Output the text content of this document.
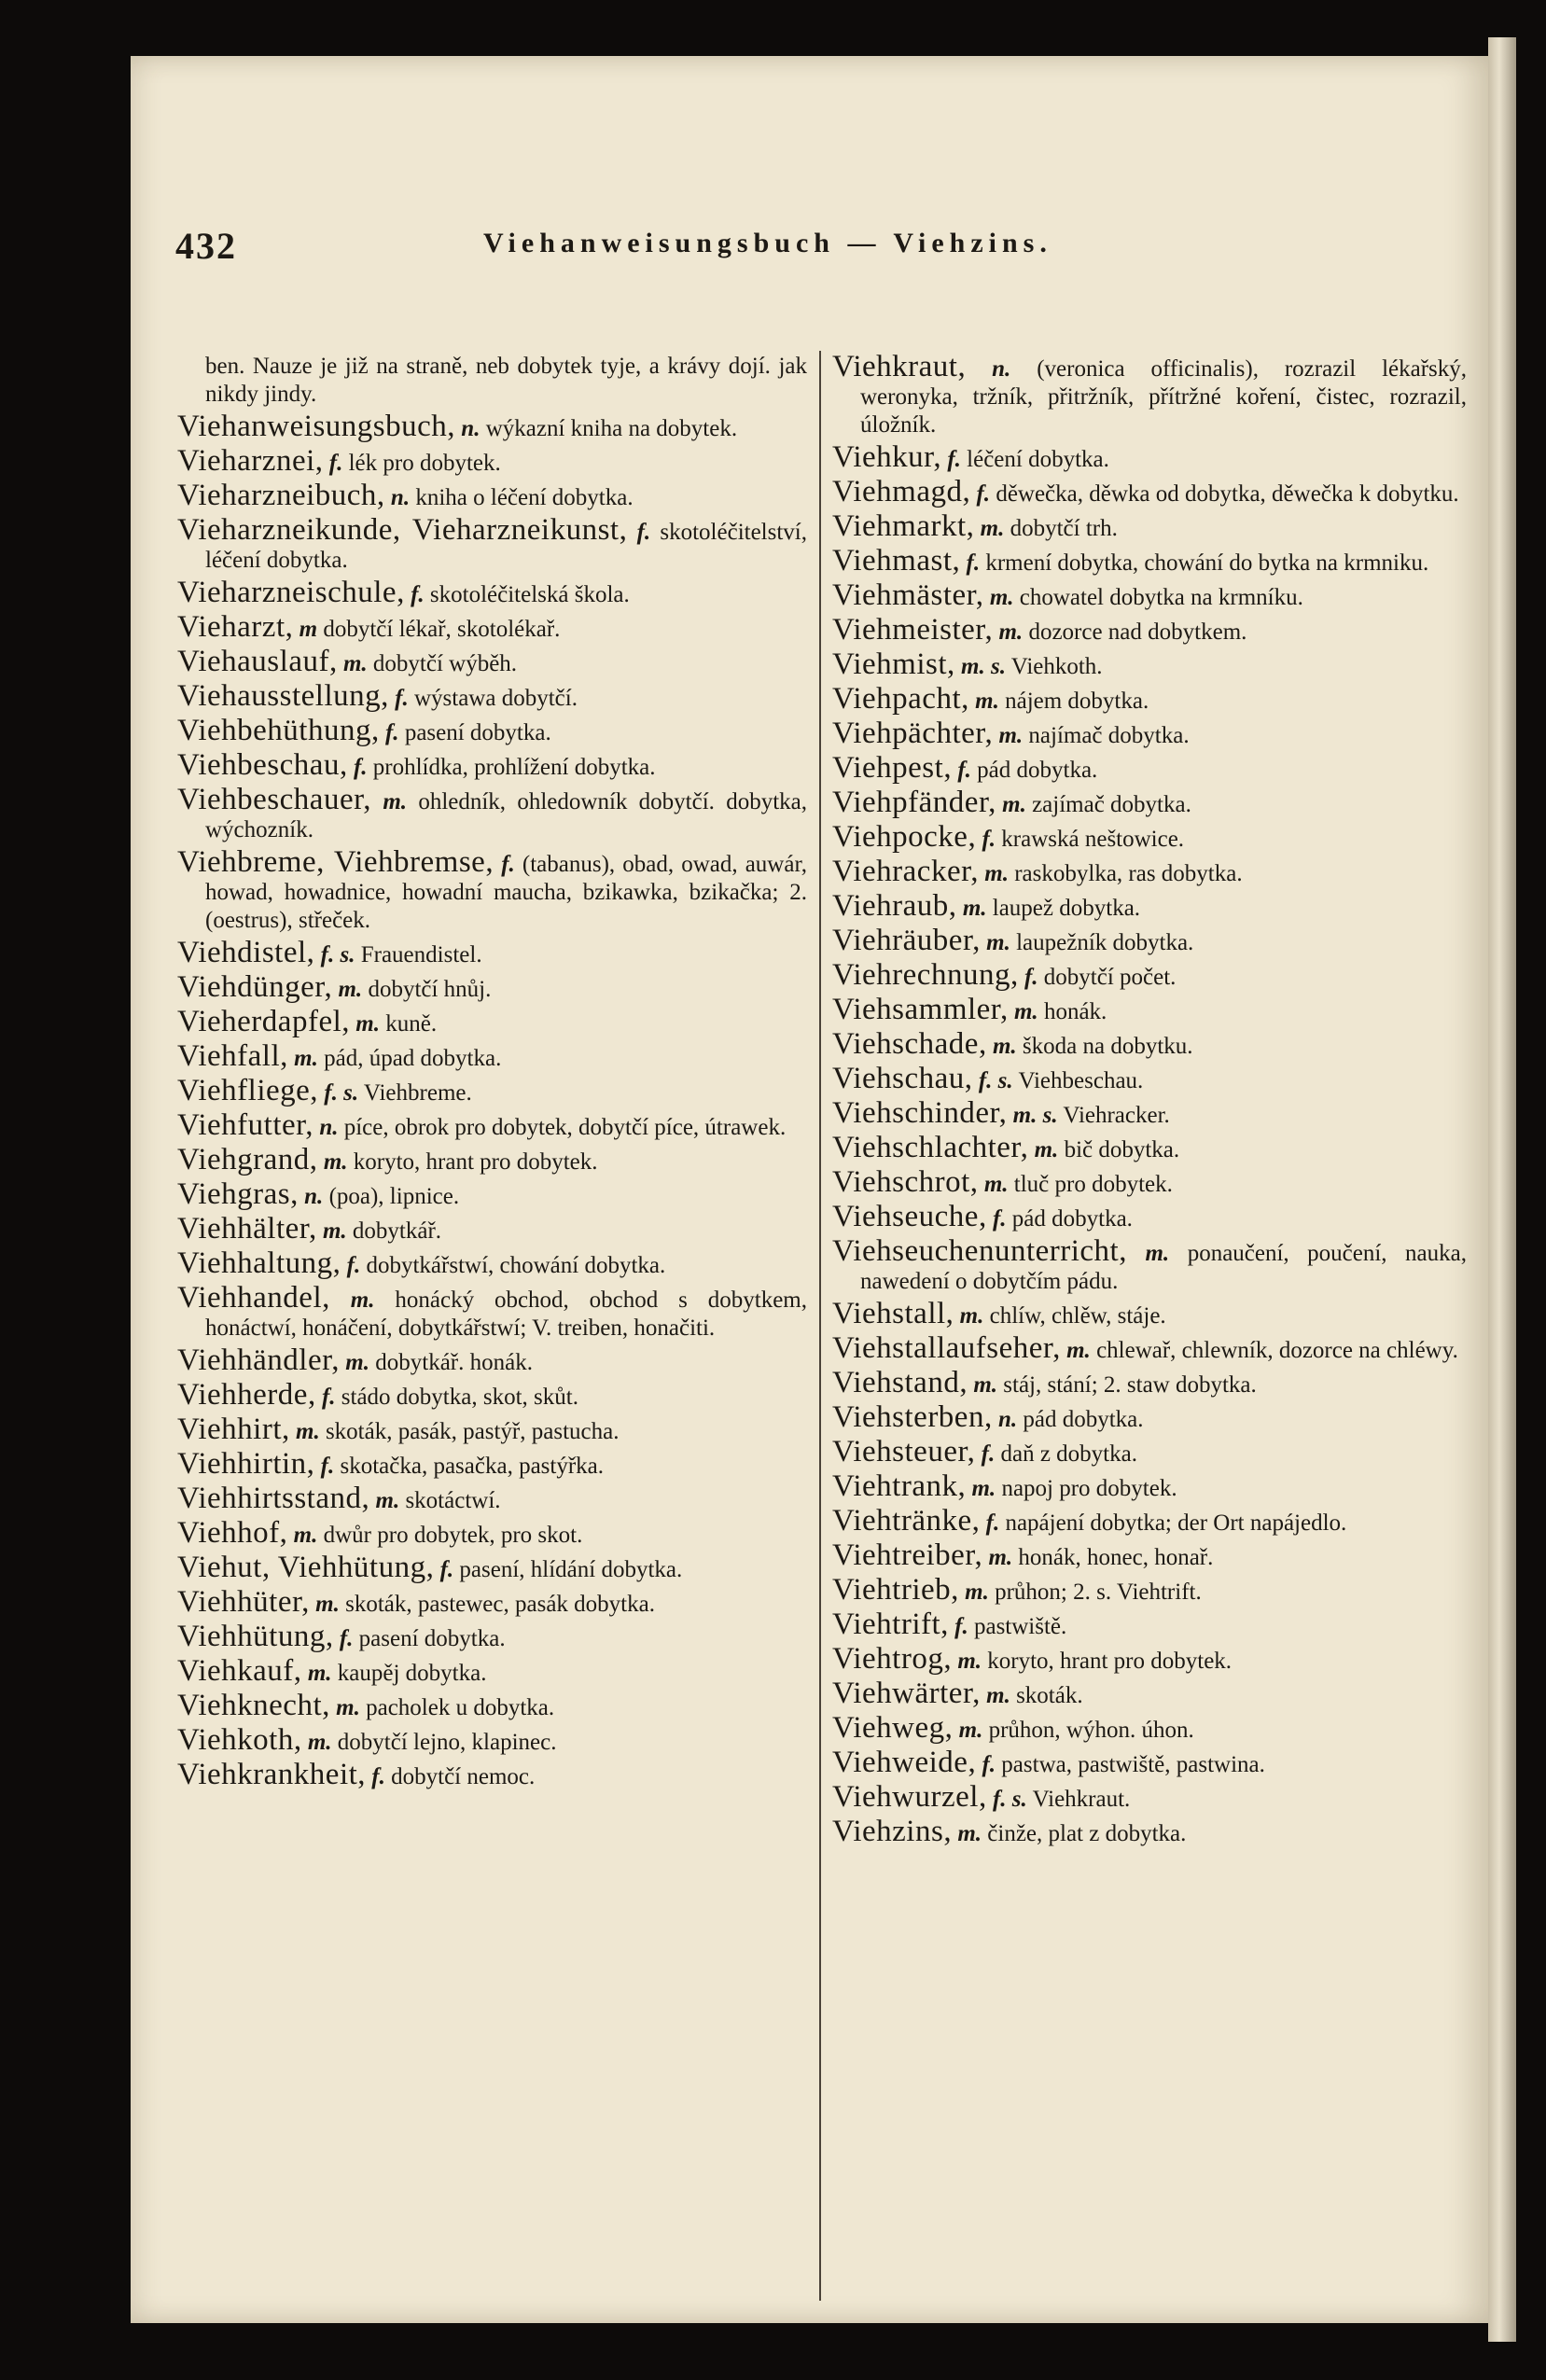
432	Viehanweisungsbuch — Viehzins.
ben. Nauze je již na straně, neb dobytek tyje, a krávy dojí. jak nikdy jindy.
Viehanweisungsbuch, n. wýkazní kniha na dobytek.
Vieharznei, f. lék pro dobytek.
Vieharzneibuch, n. kniha o léčení dobytka.
Vieharzneikunde, Vieharzneikunst, f. skotoléčitelství, léčení dobytka.
Vieharzneischule, f. skotoléčitelská škola.
Vieharzt, m dobytčí lékař, skotolékař.
Viehauslauf, m. dobytčí wýběh.
Viehausstellung, f. wýstawa dobytčí.
Viehbehüthung, f. pasení dobytka.
Viehbeschau, f. prohlídka, prohlížení dobytka.
Viehbeschauer, m. ohledník, ohledowník dobytčí. dobytka, wýchozník.
Viehbreme, Viehbremse, f. (tabanus), obad, owad, auwár, howad, howadnice, howadní maucha, bzikawka, bzikačka; 2. (oestrus), střeček.
Viehdistel, f. s. Frauendistel.
Viehdünger, m. dobytčí hnůj.
Vieherdapfel, m. kuně.
Viehfall, m. pád, úpad dobytka.
Viehfliege, f. s. Viehbreme.
Viehfutter, n. píce, obrok pro dobytek, dobytčí píce, útrawek.
Viehgrand, m. koryto, hrant pro dobytek.
Viehgras, n. (poa), lipnice.
Viehhälter, m. dobytkář.
Viehhaltung, f. dobytkářstwí, chowání dobytka.
Viehhandel, m. honácký obchod, obchod s dobytkem, honáctwí, honáčení, dobytkářstwí; V. treiben, honačiti.
Viehhändler, m. dobytkář. honák.
Viehherde, f. stádo dobytka, skot, skůt.
Viehhirt, m. skoták, pasák, pastýř, pastucha.
Viehhirtin, f. skotačka, pasačka, pastýřka.
Viehhirtsstand, m. skotáctwí.
Viehhof, m. dwůr pro dobytek, pro skot.
Viehut, Viehhütung, f. pasení, hlídání dobytka.
Viehhüter, m. skoták, pastewec, pasák dobytka.
Viehhütung, f. pasení dobytka.
Viehkauf, m. kaupěj dobytka.
Viehknecht, m. pacholek u dobytka.
Viehkoth, m. dobytčí lejno, klapinec.
Viehkrankheit, f. dobytčí nemoc.
Viehkraut, n. (veronica officinalis), rozrazil lékařský, weronyka, tržník, přitržník, přítržné koření, čistec, rozrazil, úložník.
Viehkur, f. léčení dobytka.
Viehmagd, f. děwečka, děwka od dobytka, děwečka k dobytku.
Viehmarkt, m. dobytčí trh.
Viehmast, f. krmení dobytka, chowání do bytka na krmniku.
Viehmäster, m. chowatel dobytka na krmníku.
Viehmeister, m. dozorce nad dobytkem.
Viehmist, m. s. Viehkoth.
Viehpacht, m. nájem dobytka.
Viehpächter, m. najímač dobytka.
Viehpest, f. pád dobytka.
Viehpfänder, m. zajímač dobytka.
Viehpocke, f. krawská neštowice.
Viehracker, m. raskobylka, ras dobytka.
Viehraub, m. laupež dobytka.
Viehräuber, m. laupežník dobytka.
Viehrechnung, f. dobytčí počet.
Viehsammler, m. honák.
Viehschade, m. škoda na dobytku.
Viehschau, f. s. Viehbeschau.
Viehschinder, m. s. Viehracker.
Viehschlachter, m. bič dobytka.
Viehschrot, m. tluč pro dobytek.
Viehseuche, f. pád dobytka.
Viehseuchenunterricht, m. ponaučení, poučení, nauka, nawedení o dobytčím pádu.
Viehstall, m. chlíw, chlěw, stáje.
Viehstallaufseher, m. chlewař, chlewník, dozorce na chléwy.
Viehstand, m. stáj, stání; 2. staw dobytka.
Viehsterben, n. pád dobytka.
Viehsteuer, f. daň z dobytka.
Viehtrank, m. napoj pro dobytek.
Viehtränke, f. napájení dobytka; der Ort napájedlo.
Viehtreiber, m. honák, honec, honař.
Viehtrieb, m. průhon; 2. s. Viehtrift.
Viehtrift, f. pastwiště.
Viehtrog, m. koryto, hrant pro dobytek.
Viehwärter, m. skoták.
Viehweg, m. průhon, wýhon. úhon.
Viehweide, f. pastwa, pastwiště, pastwina.
Viehwurzel, f. s. Viehkraut.
Viehzins, m. činže, plat z dobytka.
